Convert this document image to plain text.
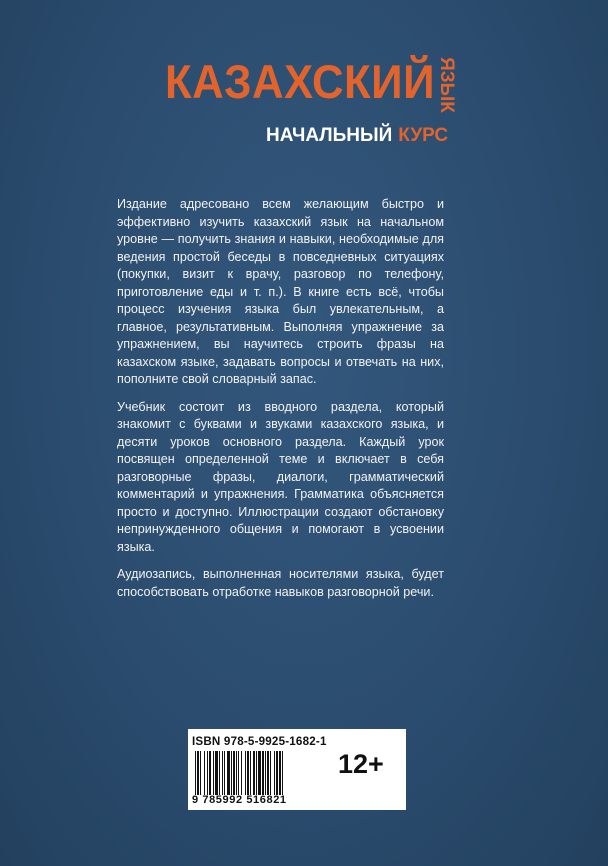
КАЗАХСКИЙ ЯЗЫК
НАЧАЛЬНЫЙ КУРС

Издание адресовано всем желающим быстро и эффективно изучить казахский язык на начальном уровне — получить знания и навыки, необходимые для ведения простой беседы в повседневных ситуациях (покупки, визит к врачу, разговор по телефону, приготовление еды и т. п.). В книге есть всё, чтобы процесс изучения языка был увлекательным, а главное, результативным. Выполняя упражнение за упражнением, вы научитесь строить фразы на казахском языке, задавать вопросы и отвечать на них, пополните свой словарный запас.

Учебник состоит из вводного раздела, который знакомит с буквами и звуками казахского языка, и десяти уроков основного раздела. Каждый урок посвящен определенной теме и включает в себя разговорные фразы, диалоги, грамматический комментарий и упражнения. Грамматика объясняется просто и доступно. Иллюстрации создают обстановку непринужденного общения и помогают в усвоении языка.

Аудиозапись, выполненная носителями языка, будет способствовать отработке навыков разговорной речи.

ISBN 978-5-9925-1682-1
9 785992 516821
12+
